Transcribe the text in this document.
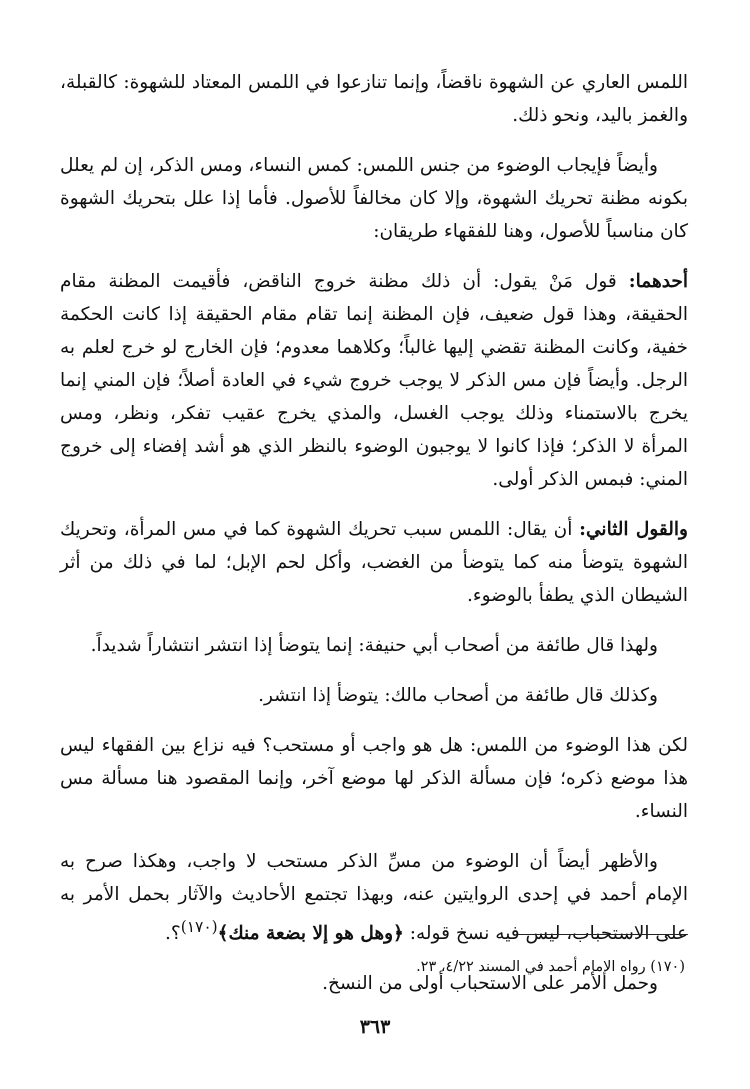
اللمس العاري عن الشهوة ناقضاً، وإنما تنازعوا في اللمس المعتاد للشهوة: كالقبلة، والغمز باليد، ونحو ذلك.

وأيضاً فإيجاب الوضوء من جنس اللمس: كمس النساء، ومس الذكر، إن لم يعلل بكونه مظنة تحريك الشهوة، وإلا كان مخالفاً للأصول. فأما إذا علل بتحريك الشهوة كان مناسباً للأصول، وهنا للفقهاء طريقان:

أحدهما: قول مَنْ يقول: أن ذلك مظنة خروج الناقض، فأقيمت المظنة مقام الحقيقة، وهذا قول ضعيف، فإن المظنة إنما تقام مقام الحقيقة إذا كانت الحكمة خفية، وكانت المظنة تقضي إليها غالباً؛ وكلاهما معدوم؛ فإن الخارج لو خرج لعلم به الرجل. وأيضاً فإن مس الذكر لا يوجب خروج شيء في العادة أصلاً؛ فإن المني إنما يخرج بالاستمناء وذلك يوجب الغسل، والمذي يخرج عقيب تفكر، ونظر، ومس المرأة لا الذكر؛ فإذا كانوا لا يوجبون الوضوء بالنظر الذي هو أشد إفضاء إلى خروج المني: فبمس الذكر أولى.

والقول الثاني: أن يقال: اللمس سبب تحريك الشهوة كما في مس المرأة، وتحريك الشهوة يتوضأ منه كما يتوضأ من الغضب، وأكل لحم الإبل؛ لما في ذلك من أثر الشيطان الذي يطفأ بالوضوء.

ولهذا قال طائفة من أصحاب أبي حنيفة: إنما يتوضأ إذا انتشر انتشاراً شديداً.

وكذلك قال طائفة من أصحاب مالك: يتوضأ إذا انتشر.

لكن هذا الوضوء من اللمس: هل هو واجب أو مستحب؟ فيه نزاع بين الفقهاء ليس هذا موضع ذكره؛ فإن مسألة الذكر لها موضع آخر، وإنما المقصود هنا مسألة مس النساء.

والأظهر أيضاً أن الوضوء من مسِّ الذكر مستحب لا واجب، وهكذا صرح به الإمام أحمد في إحدى الروايتين عنه، وبهذا تجتمع الأحاديث والآثار بحمل الأمر به على الاستحباب، ليس فيه نسخ قوله: ﴿وهل هو إلا بضعة منك﴾$^{(١٧٠)}$؟.

وحمل الأمر على الاستحباب أولى من النسخ.

(١٧٠) رواه الإمام أحمد في المسند ٤/٢٢، ٢٣.
٣٦٣
